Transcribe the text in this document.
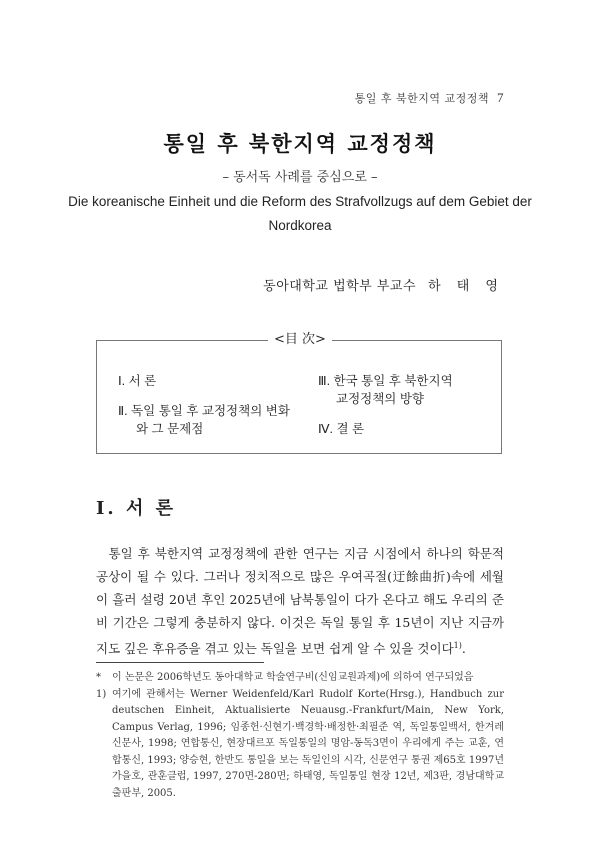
통일 후 북한지역 교정정책 7
통일 후 북한지역 교정정책
– 동서독 사례를 중심으로 –
Die koreanische Einheit und die Reform des Strafvollzugs auf dem Gebiet der Nordkorea
동아대학교 법학부 부교수 하 태 영
<目 次>
Ⅰ. 서 론
Ⅱ. 독일 통일 후 교정정책의 변화
와 그 문제점
Ⅲ. 한국 통일 후 북한지역
교정정책의 방향
Ⅳ. 결 론
Ⅰ. 서 론
통일 후 북한지역 교정정책에 관한 연구는 지금 시점에서 하나의 학문적 공상이 될 수 있다. 그러나 정치적으로 많은 우여곡절(迂餘曲折)속에 세월이 흘러 설령 20년 후인 2025년에 남북통일이 다가 온다고 해도 우리의 준비 기간은 그렇게 충분하지 않다. 이것은 독일 통일 후 15년이 지난 지금까지도 깊은 후유증을 겪고 있는 독일을 보면 쉽게 알 수 있을 것이다$^{1)}$.
*	이 논문은 2006학년도 동아대학교 학술연구비(신임교원과제)에 의하여 연구되었음
1) 여기에 관해서는 Werner Weidenfeld/Karl Rudolf Korte(Hrsg.), Handbuch zur deutschen Einheit, Aktualisierte Neuausg.-Frankfurt/Main, New York, Campus Verlag, 1996; 임종헌·신현기·백경학·배정한·최필준 역, 독일통일백서, 한겨레신문사, 1998; 연합통신, 현장대르포 독일통일의 명암-동독3면이 우리에게 주는 교훈, 연합통신, 1993; 양승현, 한반도 통일을 보는 독일인의 시각, 신문연구 통권 제65호 1997년 가을호, 관훈클럽, 1997, 270면-280면; 하태영, 독일통일 현장 12년, 제3판, 경남대학교 출판부, 2005.
